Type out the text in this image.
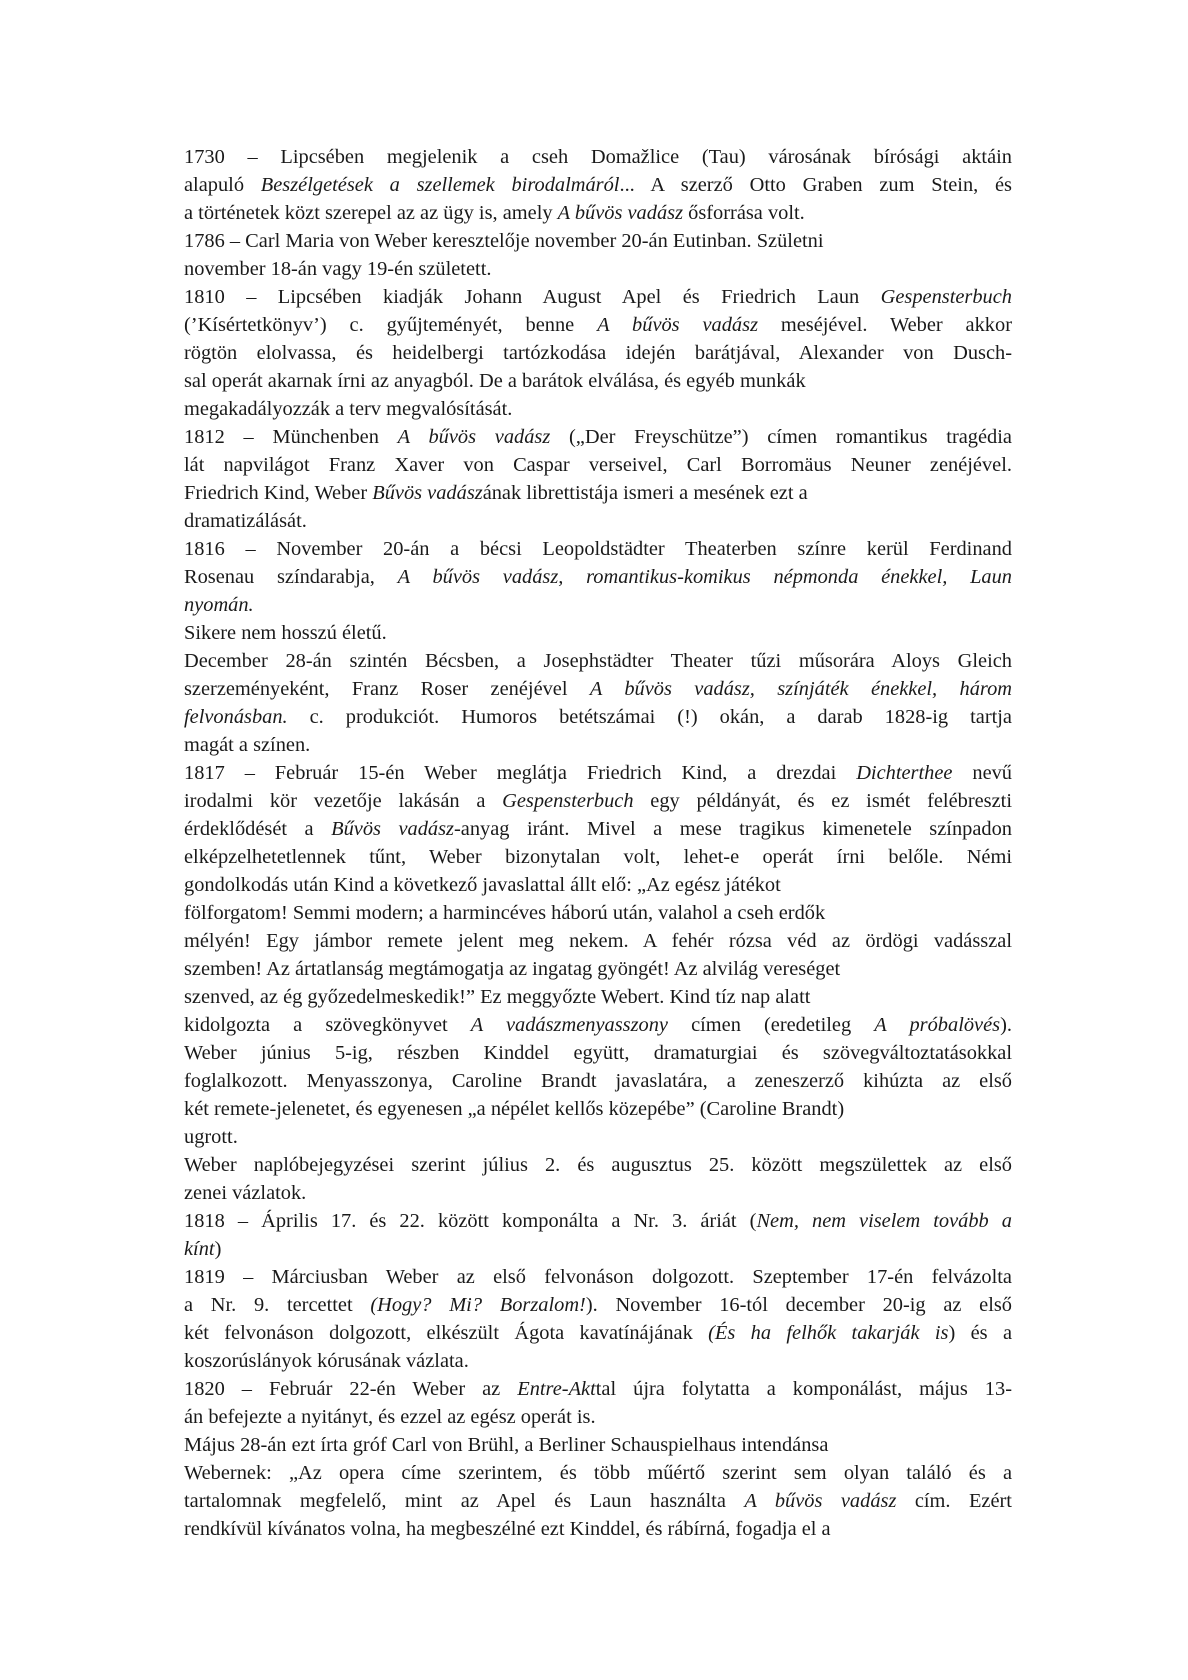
1730 – Lipcsében megjelenik a cseh Domažlice (Tau) városának bírósági aktáin
alapuló Beszélgetések a szellemek birodalmáról... A szerző Otto Graben zum Stein, és
a történetek közt szerepel az az ügy is, amely A bűvös vadász ősforrása volt.
1786 – Carl Maria von Weber keresztelője november 20-án Eutinban. Születni
november 18-án vagy 19-én született.
1810 – Lipcsében kiadják Johann August Apel és Friedrich Laun Gespensterbuch
(’Kísértetkönyv’) c. gyűjteményét, benne A bűvös vadász meséjével. Weber akkor
rögtön elolvassa, és heidelbergi tartózkodása idején barátjával, Alexander von Dusch-
sal operát akarnak írni az anyagból. De a barátok elválása, és egyéb munkák
megakadályozzák a terv megvalósítását.
1812 – Münchenben A bűvös vadász („Der Freyschütze”) címen romantikus tragédia
lát napvilágot Franz Xaver von Caspar verseivel, Carl Borromäus Neuner zenéjével.
Friedrich Kind, Weber Bűvös vadászának librettistája ismeri a mesének ezt a
dramatizálását.
1816 – November 20-án a bécsi Leopoldstädter Theaterben színre kerül Ferdinand
Rosenau színdarabja, A bűvös vadász, romantikus-komikus népmonda énekkel, Laun
nyomán.
Sikere nem hosszú életű.
December 28-án szintén Bécsben, a Josephstädter Theater tűzi műsorára Aloys Gleich
szerzeményeként, Franz Roser zenéjével A bűvös vadász, színjáték énekkel, három
felvonásban. c. produkciót. Humoros betétszámai (!) okán, a darab 1828-ig tartja
magát a színen.
1817 – Február 15-én Weber meglátja Friedrich Kind, a drezdai Dichterthee nevű
irodalmi kör vezetője lakásán a Gespensterbuch egy példányát, és ez ismét felébreszti
érdeklődését a Bűvös vadász-anyag iránt. Mivel a mese tragikus kimenetele színpadon
elképzelhetetlennek tűnt, Weber bizonytalan volt, lehet-e operát írni belőle. Némi
gondolkodás után Kind a következő javaslattal állt elő: „Az egész játékot
fölforgatom! Semmi modern; a harmincéves háború után, valahol a cseh erdők
mélyén! Egy jámbor remete jelent meg nekem. A fehér rózsa véd az ördögi vadásszal
szemben! Az ártatlanság megtámogatja az ingatag gyöngét! Az alvilág vereséget
szenved, az ég győzedelmeskedik!” Ez meggyőzte Webert. Kind tíz nap alatt
kidolgozta a szövegkönyvet A vadászmenyasszony címen (eredetileg A próbalövés).
Weber június 5-ig, részben Kinddel együtt, dramaturgiai és szövegváltoztatásokkal
foglalkozott. Menyasszonya, Caroline Brandt javaslatára, a zeneszerző kihúzta az első
két remete-jelenetet, és egyenesen „a népélet kellős közepébe” (Caroline Brandt)
ugrott.
Weber naplóbejegyzései szerint július 2. és augusztus 25. között megszülettek az első
zenei vázlatok.
1818 – Április 17. és 22. között komponálta a Nr. 3. áriát (Nem, nem viselem tovább a
kínt)
1819 – Márciusban Weber az első felvonáson dolgozott. Szeptember 17-én felvázolta
a Nr. 9. tercettet (Hogy? Mi? Borzalom!). November 16-tól december 20-ig az első
két felvonáson dolgozott, elkészült Ágota kavatínájának (És ha felhők takarják is) és a
koszorúslányok kórusának vázlata.
1820 – Február 22-én Weber az Entre-Akttal újra folytatta a komponálást, május 13-
án befejezte a nyitányt, és ezzel az egész operát is.
Május 28-án ezt írta gróf Carl von Brühl, a Berliner Schauspielhaus intendánsa
Webernek: „Az opera címe szerintem, és több műértő szerint sem olyan találó és a
tartalomnak megfelelő, mint az Apel és Laun használta A bűvös vadász cím. Ezért
rendkívül kívánatos volna, ha megbeszélné ezt Kinddel, és rábírná, fogadja el a
